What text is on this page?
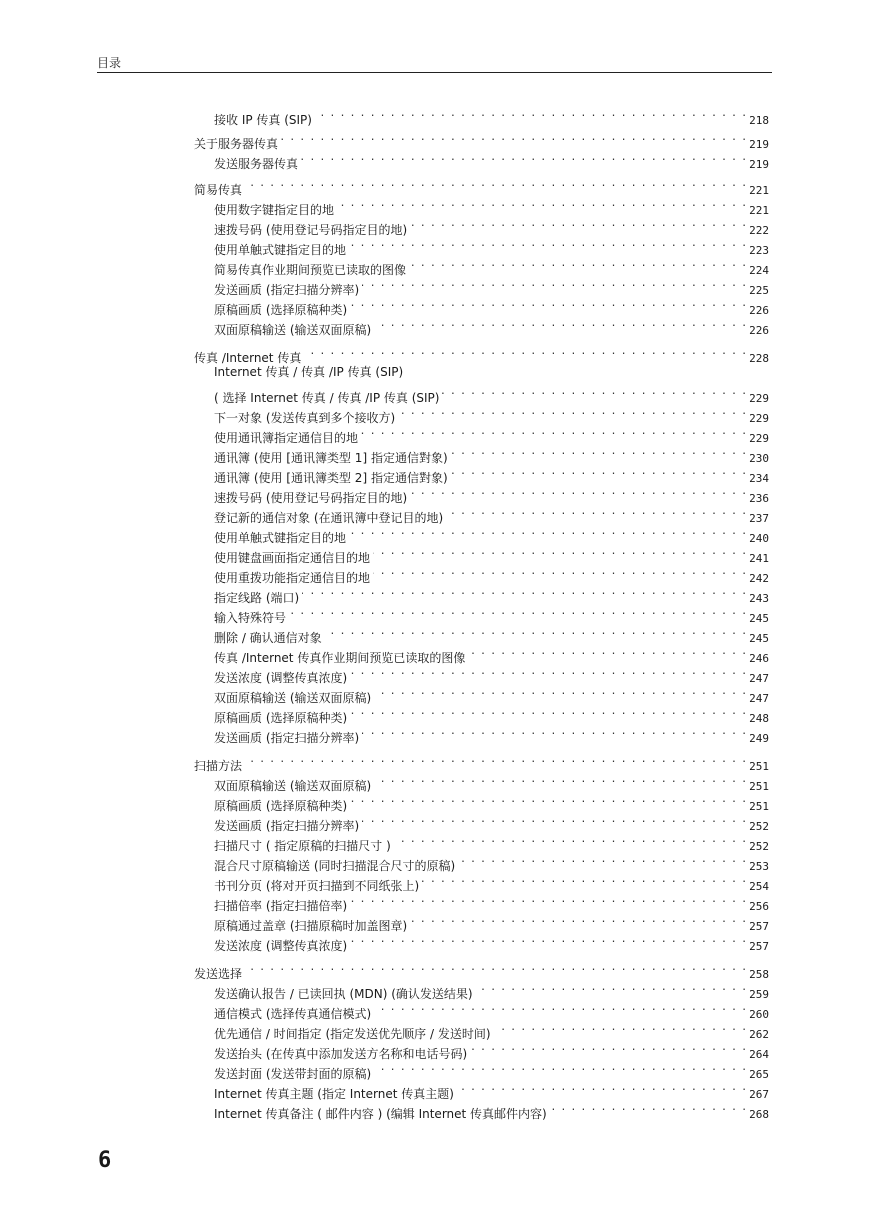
目录
接收 IP 传真 (SIP) . . .	218
关于服务器传真 . . .	219
发送服务器传真 . . .	219
简易传真 . . .	221
使用数字键指定目的地 . . .	221
速拨号码 (使用登记号码指定目的地) . . .	222
使用单触式键指定目的地 . . .	223
简易传真作业期间预览已读取的图像 . . .	224
发送画质 (指定扫描分辨率) . . .	225
原稿画质 (选择原稿种类) . . .	226
双面原稿输送 (输送双面原稿) . . .	226
传真 /Internet 传真 . . .	228
Internet 传真 / 传真 /IP 传真 (SIP)
( 选择 Internet 传真 / 传真 /IP 传真 (SIP) . . .	229
下一对象 (发送传真到多个接收方) . . .	229
使用通讯簿指定通信目的地 . . .	229
通讯簿 (使用 [通讯簿类型 1] 指定通信對象) . . .	230
通讯簿 (使用 [通讯簿类型 2] 指定通信對象) . . .	234
速拨号码 (使用登记号码指定目的地) . . .	236
登记新的通信对象 (在通讯簿中登记目的地) . . .	237
使用单触式键指定目的地 . . .	240
使用键盘画面指定通信目的地 . . .	241
使用重拨功能指定通信目的地 . . .	242
指定线路 (端口) . . .	243
输入特殊符号 . . .	245
删除 / 确认通信对象 . . .	245
传真 /Internet 传真作业期间预览已读取的图像 . . .	246
发送浓度 (调整传真浓度) . . .	247
双面原稿输送 (输送双面原稿) . . .	247
原稿画质 (选择原稿种类) . . .	248
发送画质 (指定扫描分辨率) . . .	249
扫描方法 . . .	251
双面原稿输送 (输送双面原稿) . . .	251
原稿画质 (选择原稿种类) . . .	251
发送画质 (指定扫描分辨率) . . .	252
扫描尺寸 ( 指定原稿的扫描尺寸 ) . . .	252
混合尺寸原稿输送 (同时扫描混合尺寸的原稿) . . .	253
书刊分页 (将对开页扫描到不同纸张上) . . .	254
扫描倍率 (指定扫描倍率) . . .	256
原稿通过盖章 (扫描原稿时加盖图章) . . .	257
发送浓度 (调整传真浓度) . . .	257
发送选择 . . .	258
发送确认报告 / 已读回执 (MDN) (确认发送结果) . . .	259
通信模式 (选择传真通信模式) . . .	260
优先通信 / 时间指定 (指定发送优先顺序 / 发送时间) . . .	262
发送抬头 (在传真中添加发送方名称和电话号码) . . .	264
发送封面 (发送带封面的原稿) . . .	265
Internet 传真主题 (指定 Internet 传真主题) . . .	267
Internet 传真备注 ( 邮件内容 ) (编辑 Internet 传真邮件内容) . . .	268
6
